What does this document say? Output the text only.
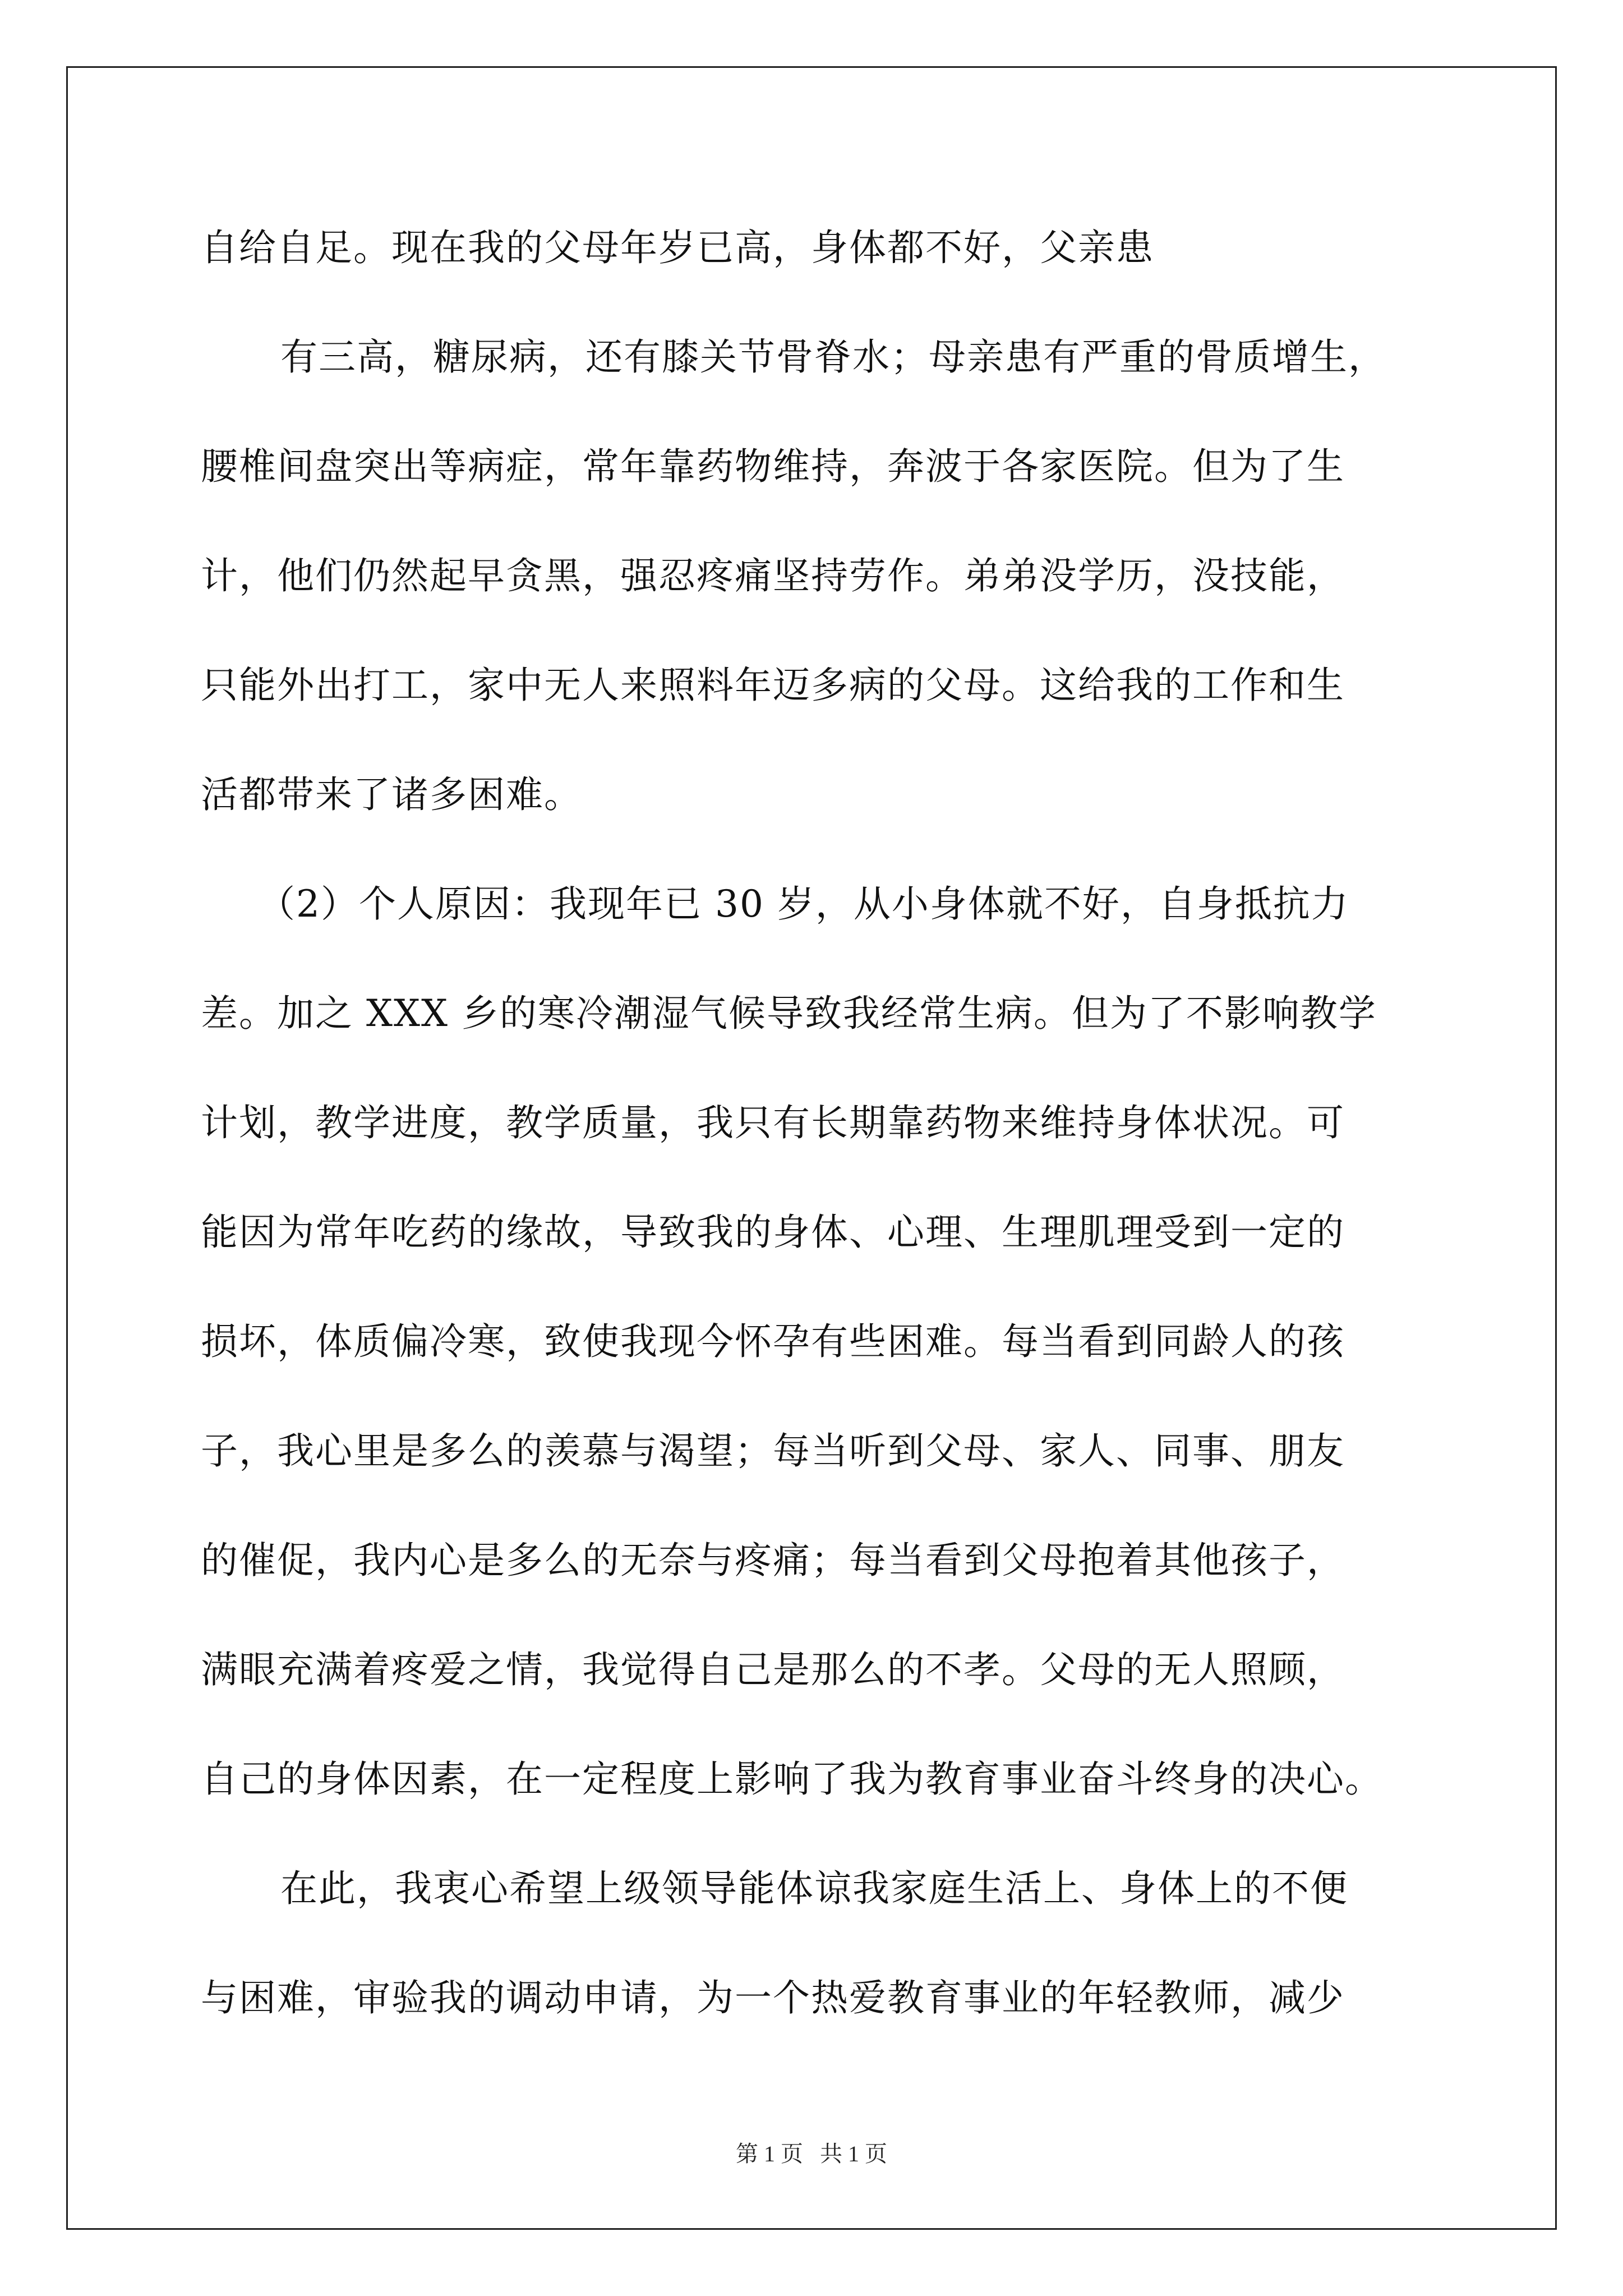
自给自足。现在我的父母年岁已高，身体都不好，父亲患
有三高，糖尿病，还有膝关节骨脊水；母亲患有严重的骨质增生，
腰椎间盘突出等病症，常年靠药物维持，奔波于各家医院。但为了生
计，他们仍然起早贪黑，强忍疼痛坚持劳作。弟弟没学历，没技能，
只能外出打工，家中无人来照料年迈多病的父母。这给我的工作和生
活都带来了诸多困难。
（2）个人原因：我现年已 30 岁，从小身体就不好，自身抵抗力
差。加之 XXX 乡的寒冷潮湿气候导致我经常生病。但为了不影响教学
计划，教学进度，教学质量，我只有长期靠药物来维持身体状况。可
能因为常年吃药的缘故，导致我的身体、心理、生理肌理受到一定的
损坏，体质偏冷寒，致使我现今怀孕有些困难。每当看到同龄人的孩
子，我心里是多么的羡慕与渴望；每当听到父母、家人、同事、朋友
的催促，我内心是多么的无奈与疼痛；每当看到父母抱着其他孩子，
满眼充满着疼爱之情，我觉得自己是那么的不孝。父母的无人照顾，
自己的身体因素，在一定程度上影响了我为教育事业奋斗终身的决心。
在此，我衷心希望上级领导能体谅我家庭生活上、身体上的不便
与困难，审验我的调动申请，为一个热爱教育事业的年轻教师，减少
第 1 页   共 1 页
